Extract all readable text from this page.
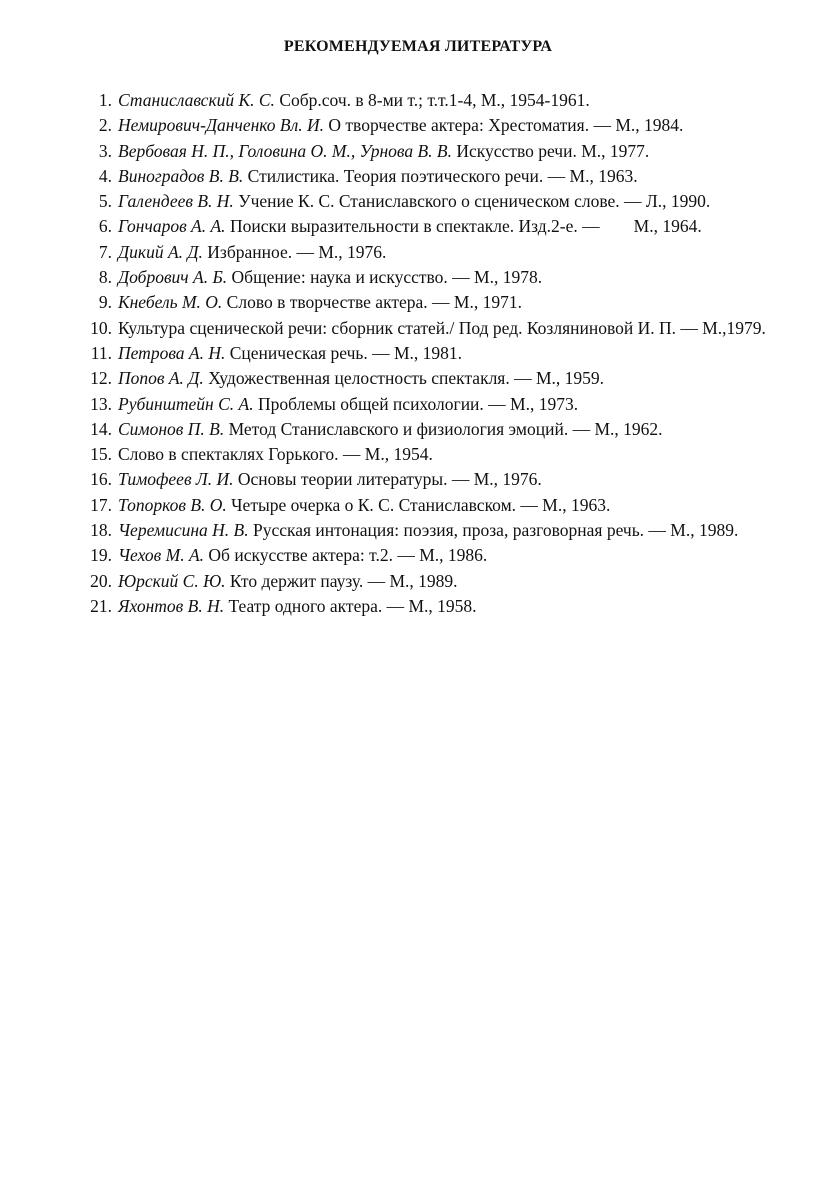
РЕКОМЕНДУЕМАЯ ЛИТЕРАТУРА
1. Станиславский К. С. Собр.соч. в 8-ми т.; т.т.1-4, М., 1954-1961.
2. Немирович-Данченко Вл. И. О творчестве актера: Хрестоматия. — М., 1984.
3. Вербовая Н. П., Головина О. М., Урнова В. В. Искусство речи. М., 1977.
4. Виноградов В. В. Стилистика. Теория поэтического речи. — М., 1963.
5. Галендеев В. Н. Учение К. С. Станиславского о сценическом слове. — Л., 1990.
6. Гончаров А. А. Поиски выразительности в спектакле. Изд.2-е. — М., 1964.
7. Дикий А. Д. Избранное. — М., 1976.
8. Добрович А. Б. Общение: наука и искусство. — М., 1978.
9. Кнебель М. О. Слово в творчестве актера. — М., 1971.
10. Культура сценической речи: сборник статей./ Под ред. Козляниновой И. П. — М.,1979.
11. Петрова А. Н. Сценическая речь. — М., 1981.
12. Попов А. Д. Художественная целостность спектакля. — М., 1959.
13. Рубинштейн С. А. Проблемы общей психологии. — М., 1973.
14. Симонов П. В. Метод Станиславского и физиология эмоций. — М., 1962.
15. Слово в спектаклях Горького. — М., 1954.
16. Тимофеев Л. И. Основы теории литературы. — М., 1976.
17. Топорков В. О. Четыре очерка о К. С. Станиславском. — М., 1963.
18. Черемисина Н. В. Русская интонация: поэзия, проза, разговорная речь. — М., 1989.
19. Чехов М. А. Об искусстве актера: т.2. — М., 1986.
20. Юрский С. Ю. Кто держит паузу. — М., 1989.
21. Яхонтов В. Н. Театр одного актера. — М., 1958.
